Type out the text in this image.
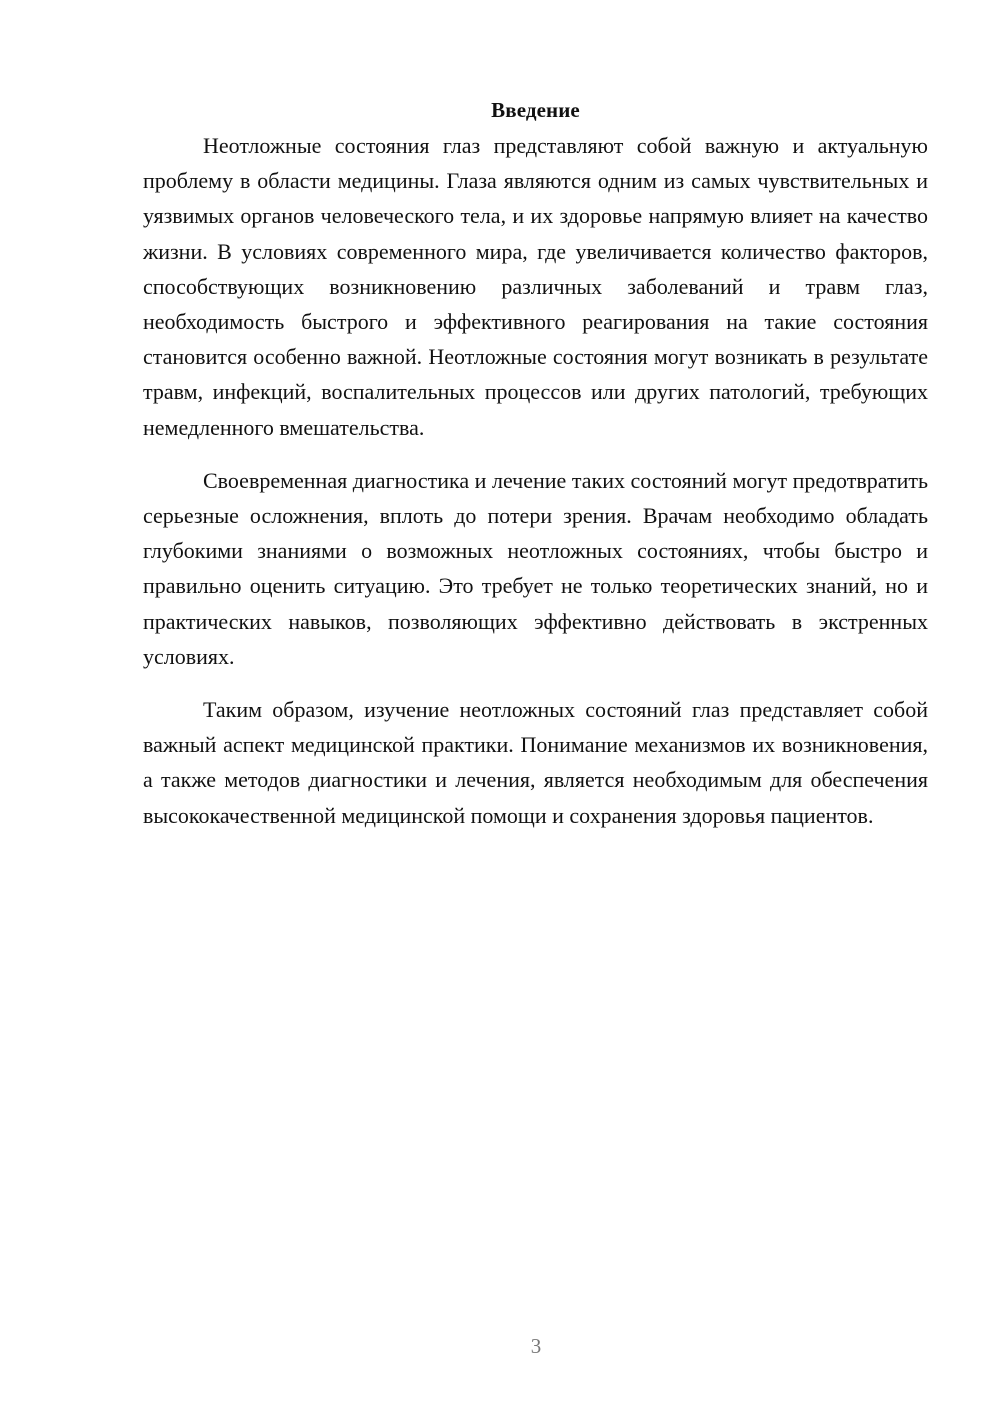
Введение

Неотложные состояния глаз представляют собой важную и актуальную проблему в области медицины. Глаза являются одним из самых чувствительных и уязвимых органов человеческого тела, и их здоровье напрямую влияет на качество жизни. В условиях современного мира, где увеличивается количество факторов, способствующих возникновению различных заболеваний и травм глаз, необходимость быстрого и эффективного реагирования на такие состояния становится особенно важной. Неотложные состояния могут возникать в результате травм, инфекций, воспалительных процессов или других патологий, требующих немедленного вмешательства.

Своевременная диагностика и лечение таких состояний могут предотвратить серьезные осложнения, вплоть до потери зрения. Врачам необходимо обладать глубокими знаниями о возможных неотложных состояниях, чтобы быстро и правильно оценить ситуацию. Это требует не только теоретических знаний, но и практических навыков, позволяющих эффективно действовать в экстренных условиях.

Таким образом, изучение неотложных состояний глаз представляет собой важный аспект медицинской практики. Понимание механизмов их возникновения, а также методов диагностики и лечения, является необходимым для обеспечения высококачественной медицинской помощи и сохранения здоровья пациентов.

3
